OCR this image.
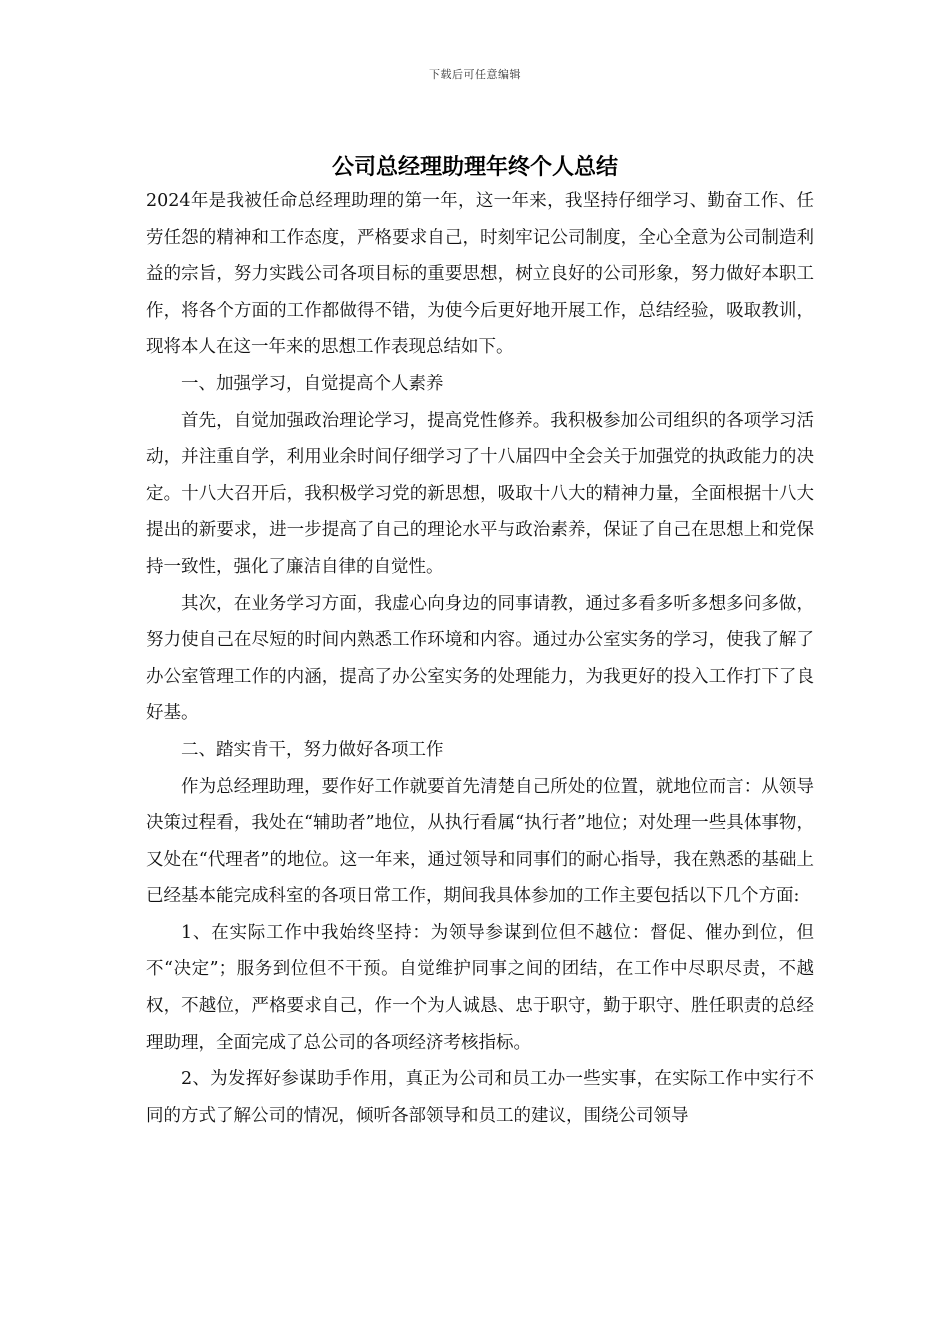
下载后可任意编辑
公司总经理助理年终个人总结

2024年是我被任命总经理助理的第一年，这一年来，我坚持仔细学习、勤奋工作、任劳任怨的精神和工作态度，严格要求自己，时刻牢记公司制度，全心全意为公司制造利益的宗旨，努力实践公司各项目标的重要思想，树立良好的公司形象，努力做好本职工作，将各个方面的工作都做得不错，为使今后更好地开展工作，总结经验，吸取教训，现将本人在这一年来的思想工作表现总结如下。

一、加强学习，自觉提高个人素养

首先，自觉加强政治理论学习，提高党性修养。我积极参加公司组织的各项学习活动，并注重自学，利用业余时间仔细学习了十八届四中全会关于加强党的执政能力的决定。十八大召开后，我积极学习党的新思想，吸取十八大的精神力量，全面根据十八大提出的新要求，进一步提高了自己的理论水平与政治素养，保证了自己在思想上和党保持一致性，强化了廉洁自律的自觉性。

其次，在业务学习方面，我虚心向身边的同事请教，通过多看多听多想多问多做，努力使自己在尽短的时间内熟悉工作环境和内容。通过办公室实务的学习，使我了解了办公室管理工作的内涵，提高了办公室实务的处理能力，为我更好的投入工作打下了良好基。

二、踏实肯干，努力做好各项工作

作为总经理助理，要作好工作就要首先清楚自己所处的位置，就地位而言：从领导决策过程看，我处在“辅助者”地位，从执行看属“执行者”地位；对处理一些具体事物，又处在“代理者”的地位。这一年来，通过领导和同事们的耐心指导，我在熟悉的基础上已经基本能完成科室的各项日常工作，期间我具体参加的工作主要包括以下几个方面:

1、在实际工作中我始终坚持：为领导参谋到位但不越位：督促、催办到位，但不“决定”；服务到位但不干预。自觉维护同事之间的团结，在工作中尽职尽责，不越权，不越位，严格要求自己，作一个为人诚恳、忠于职守，勤于职守、胜任职责的总经理助理，全面完成了总公司的各项经济考核指标。

2、为发挥好参谋助手作用，真正为公司和员工办一些实事，在实际工作中实行不同的方式了解公司的情况，倾听各部领导和员工的建议，围绕公司领导
